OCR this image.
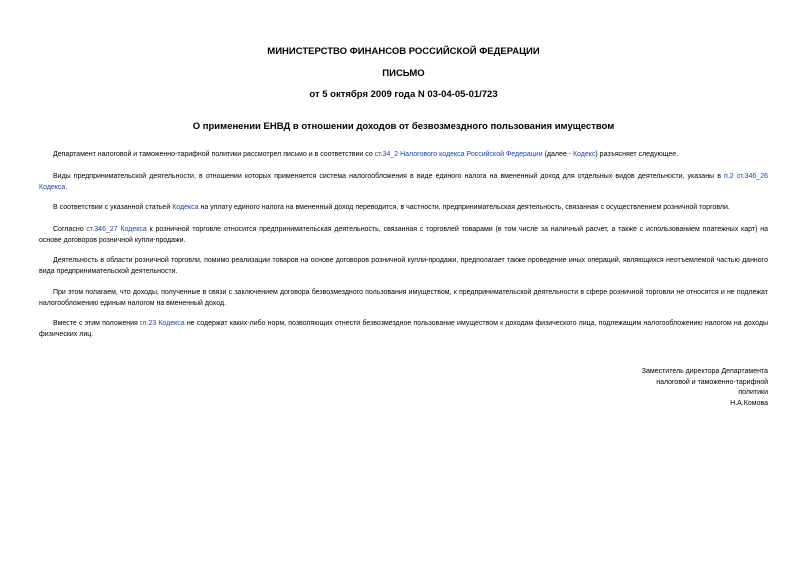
МИНИСТЕРСТВО ФИНАНСОВ РОССИЙСКОЙ ФЕДЕРАЦИИ
ПИСЬМО
от 5 октября 2009 года N 03-04-05-01/723
О применении ЕНВД в отношении доходов от безвозмездного пользования имуществом

Департамент налоговой и таможенно-тарифной политики рассмотрел письмо и в соответствии со ст.34_2 Налогового кодекса Российской Федерации (далее - Кодекс) разъясняет следующее.

Виды предпринимательской деятельности, в отношении которых применяется система налогообложения в виде единого налога на вмененный доход для отдельных видов деятельности, указаны в п.2 ст.346_26 Кодекса.

В соответствии с указанной статьей Кодекса на уплату единого налога на вмененный доход переводится, в частности, предпринимательская деятельность, связанная с осуществлением розничной торговли.

Согласно ст.346_27 Кодекса к розничной торговле относится предпринимательская деятельность, связанная с торговлей товарами (в том числе за наличный расчет, а также с использованием платежных карт) на основе договоров розничной купли-продажи.

Деятельность в области розничной торговли, помимо реализации товаров на основе договоров розничной купли-продажи, предполагает также проведение иных операций, являющихся неотъемлемой частью данного вида предпринимательской деятельности.

При этом полагаем, что доходы, полученные в связи с заключением договора безвозмездного пользования имуществом, к предпринимательской деятельности в сфере розничной торговли не относятся и не подлежат налогообложению единым налогом на вмененный доход.

Вместе с этим положения гл.23 Кодекса не содержат каких-либо норм, позволяющих отнести безвозмездное пользование имуществом к доходам физического лица, подлежащим налогообложению налогом на доходы физических лиц.

Заместитель директора Департамента
налоговой и таможенно-тарифной
политики
Н.А.Комова
